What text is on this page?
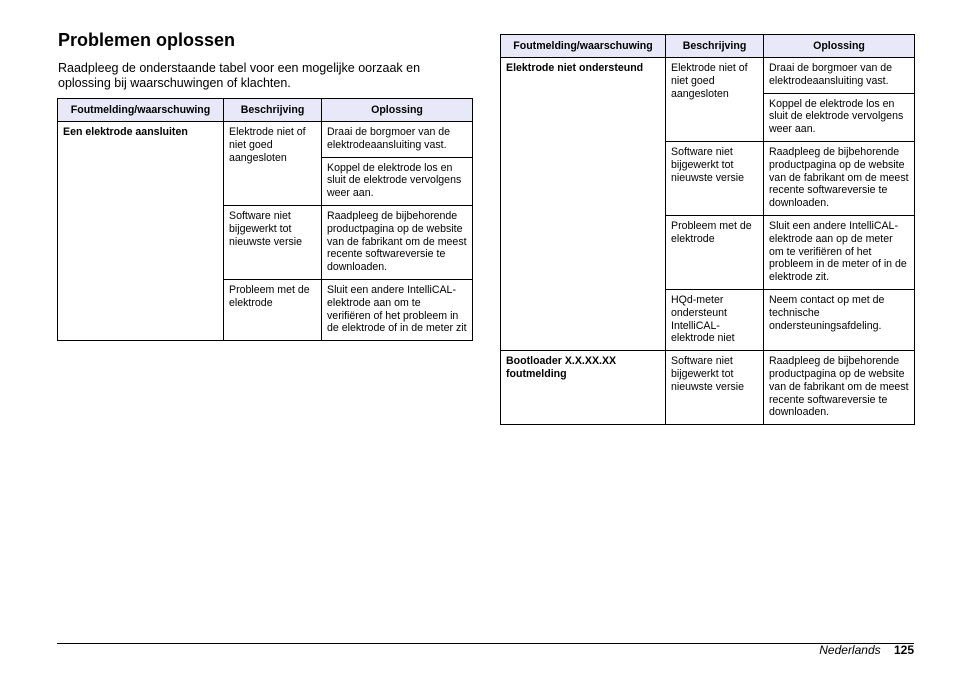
Problemen oplossen

Raadpleeg de onderstaande tabel voor een mogelijke oorzaak en oplossing bij waarschuwingen of klachten.

Foutmelding/waarschuwing	Beschrijving	Oplossing
Een elektrode aansluiten	Elektrode niet of niet goed aangesloten	Draai de borgmoer van de elektrodeaansluiting vast.
		Koppel de elektrode los en sluit de elektrode vervolgens weer aan.
	Software niet bijgewerkt tot nieuwste versie	Raadpleeg de bijbehorende productpagina op de website van de fabrikant om de meest recente softwareversie te downloaden.
	Probleem met de elektrode	Sluit een andere IntelliCAL-elektrode aan om te verifiëren of het probleem in de elektrode of in de meter zit
Foutmelding/waarschuwing	Beschrijving	Oplossing
Elektrode niet ondersteund	Elektrode niet of niet goed aangesloten	Draai de borgmoer van de elektrodeaansluiting vast.
		Koppel de elektrode los en sluit de elektrode vervolgens weer aan.
	Software niet bijgewerkt tot nieuwste versie	Raadpleeg de bijbehorende productpagina op de website van de fabrikant om de meest recente softwareversie te downloaden.
	Probleem met de elektrode	Sluit een andere IntelliCAL-elektrode aan op de meter om te verifiëren of het probleem in de meter of in de elektrode zit.
	HQd-meter ondersteunt IntelliCAL-elektrode niet	Neem contact op met de technische ondersteuningsafdeling.
Bootloader X.X.XX.XX foutmelding	Software niet bijgewerkt tot nieuwste versie	Raadpleeg de bijbehorende productpagina op de website van de fabrikant om de meest recente softwareversie te downloaden.
Nederlands 125
